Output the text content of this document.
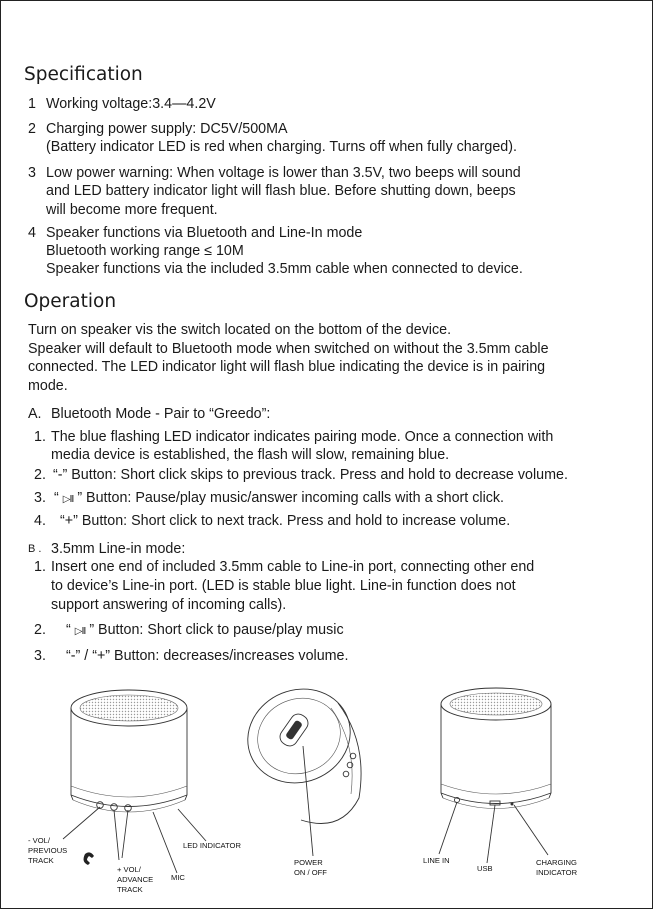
Specification
1 Working voltage:3.4—4.2V
2 Charging power supply: DC5V/500MA
(Battery indicator LED is red when charging. Turns off when fully charged).
3 Low power warning: When voltage is lower than 3.5V, two beeps will sound
and LED battery indicator light will flash blue. Before shutting down, beeps
will become more frequent.
4 Speaker functions via Bluetooth and Line-In mode
Bluetooth working range ≤ 10M
Speaker functions via the included 3.5mm cable when connected to device.
Operation
Turn on speaker vis the switch located on the bottom of the device.
Speaker will default to Bluetooth mode when switched on without the 3.5mm cable
connected. The LED indicator light will flash blue indicating the device is in pairing
mode.
A. Bluetooth Mode - Pair to “Greedo”:
1. The blue flashing LED indicator indicates pairing mode. Once a connection with
media device is established, the flash will slow, remaining blue.
2. “-” Button: Short click skips to previous track. Press and hold to decrease volume.
3. “ ▷II ” Button: Pause/play music/answer incoming calls with a short click.
4. “+” Button: Short click to next track. Press and hold to increase volume.
B . 3.5mm Line-in mode:
1. Insert one end of included 3.5mm cable to Line-in port, connecting other end
to device’s Line-in port. (LED is stable blue light. Line-in function does not
support answering of incoming calls).
2. “ ▷II ” Button: Short click to pause/play music
3. “-” / “+” Button: decreases/increases volume.
- VOL/
PREVIOUS
TRACK
+ VOL/
ADVANCE
TRACK
MIC
LED INDICATOR
POWER
ON / OFF
LINE IN
USB
CHARGING
INDICATOR
